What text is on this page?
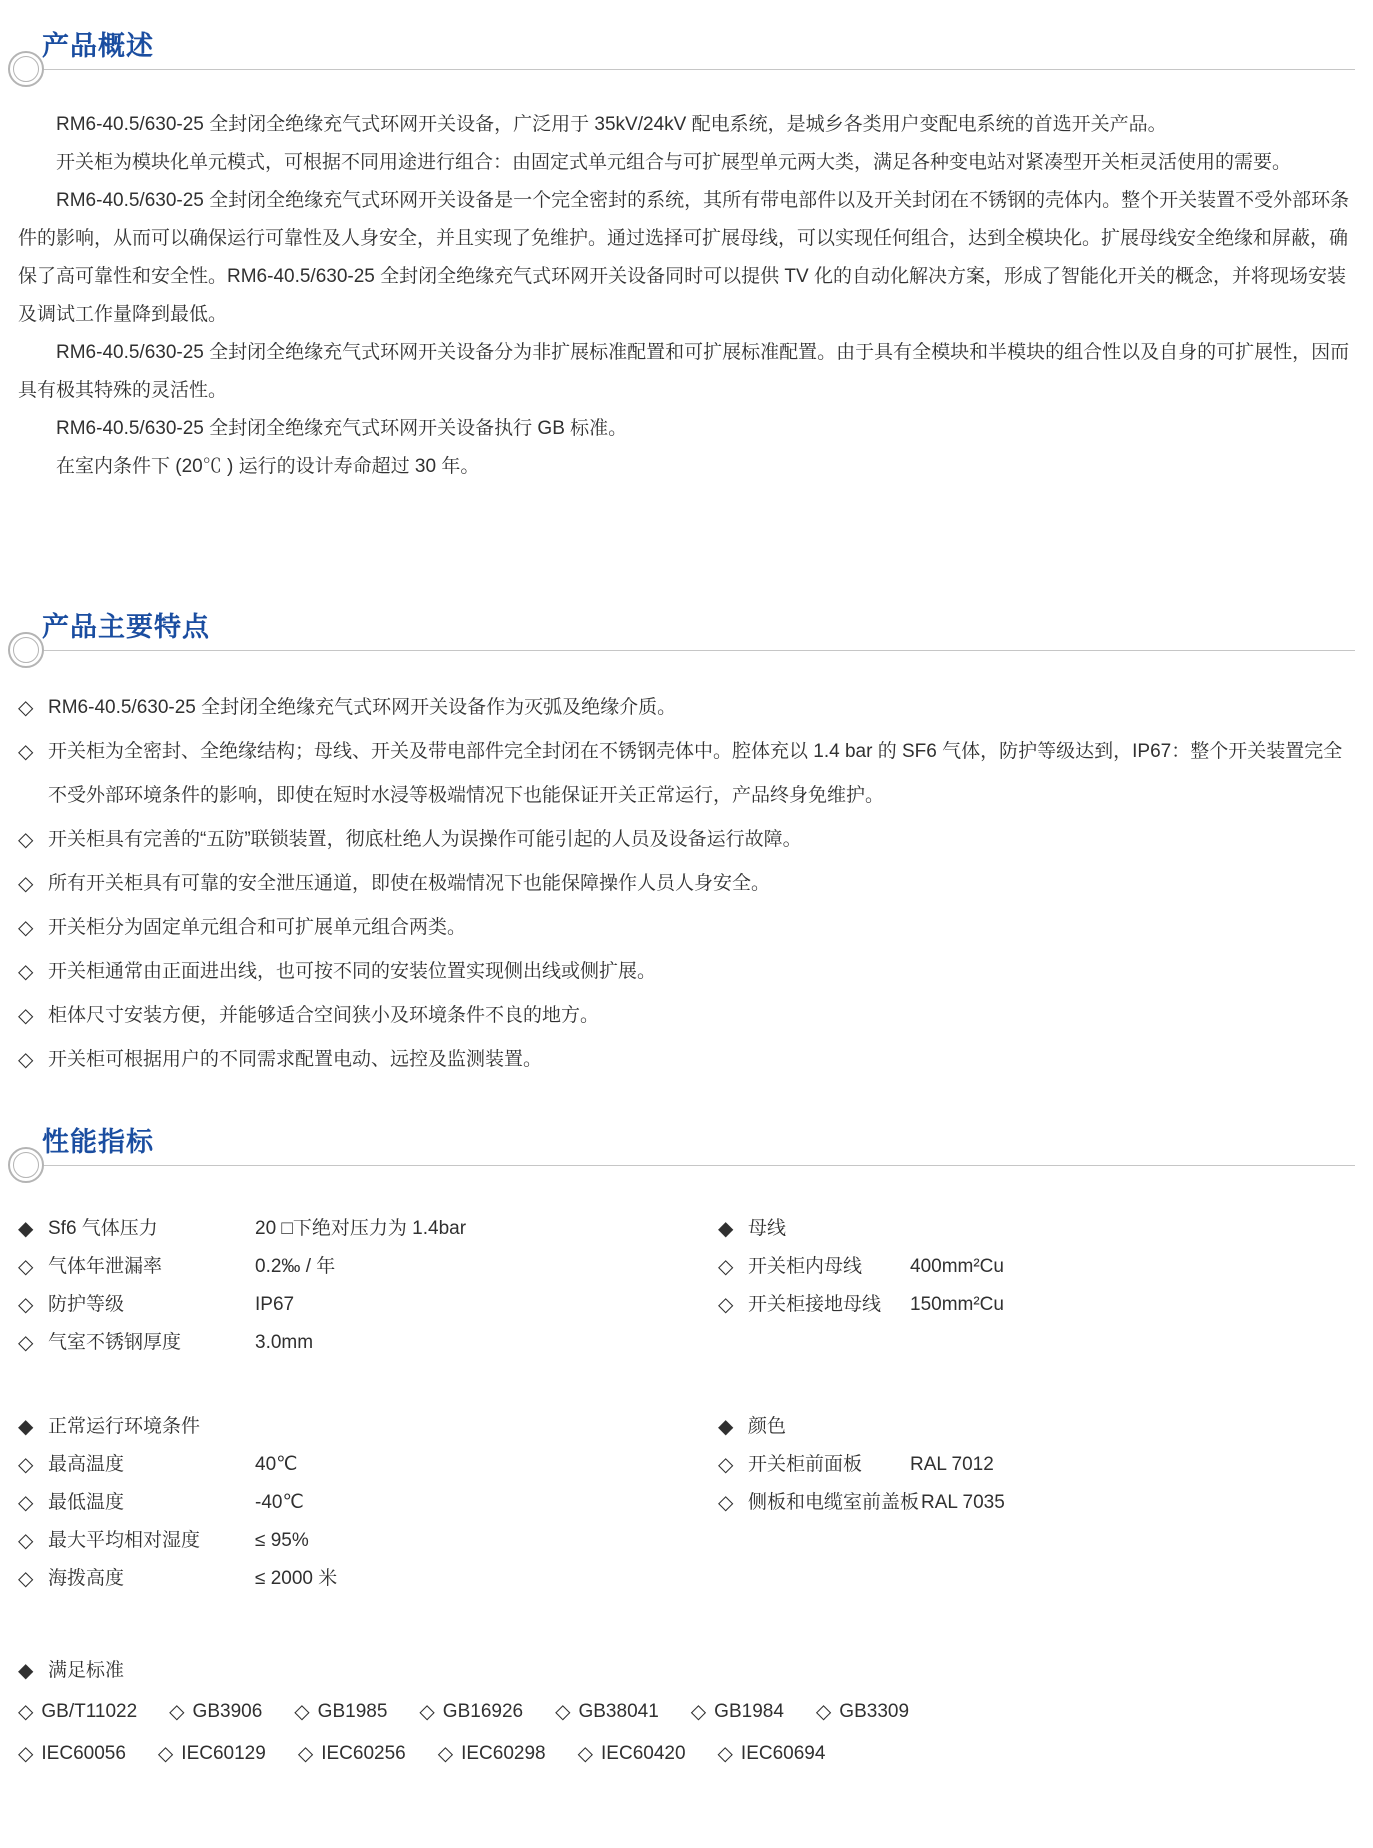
产品概述

RM6-40.5/630-25 全封闭全绝缘充气式环网开关设备，广泛用于 35kV/24kV 配电系统，是城乡各类用户变配电系统的首选开关产品。

开关柜为模块化单元模式，可根据不同用途进行组合：由固定式单元组合与可扩展型单元两大类，满足各种变电站对紧凑型开关柜灵活使用的需要。

RM6-40.5/630-25 全封闭全绝缘充气式环网开关设备是一个完全密封的系统，其所有带电部件以及开关封闭在不锈钢的壳体内。整个开关装置不受外部环条件的影响，从而可以确保运行可靠性及人身安全，并且实现了免维护。通过选择可扩展母线，可以实现任何组合，达到全模块化。扩展母线安全绝缘和屏蔽，确保了高可靠性和安全性。RM6-40.5/630-25 全封闭全绝缘充气式环网开关设备同时可以提供 TV 化的自动化解决方案，形成了智能化开关的概念，并将现场安装及调试工作量降到最低。

RM6-40.5/630-25 全封闭全绝缘充气式环网开关设备分为非扩展标准配置和可扩展标准配置。由于具有全模块和半模块的组合性以及自身的可扩展性，因而具有极其特殊的灵活性。

RM6-40.5/630-25 全封闭全绝缘充气式环网开关设备执行 GB 标准。

在室内条件下 (20℃ ) 运行的设计寿命超过 30 年。

产品主要特点
◇ RM6-40.5/630-25 全封闭全绝缘充气式环网开关设备作为灭弧及绝缘介质。
◇ 开关柜为全密封、全绝缘结构；母线、开关及带电部件完全封闭在不锈钢壳体中。腔体充以 1.4 bar 的 SF6 气体，防护等级达到，IP67：整个开关装置完全不受外部环境条件的影响，即使在短时水浸等极端情况下也能保证开关正常运行，产品终身免维护。
◇ 开关柜具有完善的“五防”联锁装置，彻底杜绝人为误操作可能引起的人员及设备运行故障。
◇ 所有开关柜具有可靠的安全泄压通道，即使在极端情况下也能保障操作人员人身安全。
◇ 开关柜分为固定单元组合和可扩展单元组合两类。
◇ 开关柜通常由正面进出线，也可按不同的安装位置实现侧出线或侧扩展。
◇ 柜体尺寸安装方便，并能够适合空间狭小及环境条件不良的地方。
◇ 开关柜可根据用户的不同需求配置电动、远控及监测装置。
性能指标
◆ Sf6 气体压力	20 □下绝对压力为 1.4bar
◇ 气体年泄漏率	0.2‰ / 年
◇ 防护等级	IP67
◇ 气室不锈钢厚度	3.0mm
◆ 母线
◇ 开关柜内母线	400mm²Cu
◇ 开关柜接地母线	150mm²Cu
◆ 正常运行环境条件
◇ 最高温度	40℃
◇ 最低温度	-40℃
◇ 最大平均相对湿度	≤ 95%
◇ 海拨高度	≤ 2000 米
◆ 颜色
◇ 开关柜前面板	RAL 7012
◇ 侧板和电缆室前盖板 RAL 7035
◆ 满足标准
◇ GB/T11022 ◇ GB3906 ◇ GB1985 ◇ GB16926 ◇ GB38041 ◇ GB1984 ◇ GB3309
◇ IEC60056 ◇ IEC60129 ◇ IEC60256 ◇ IEC60298 ◇ IEC60420 ◇ IEC60694
